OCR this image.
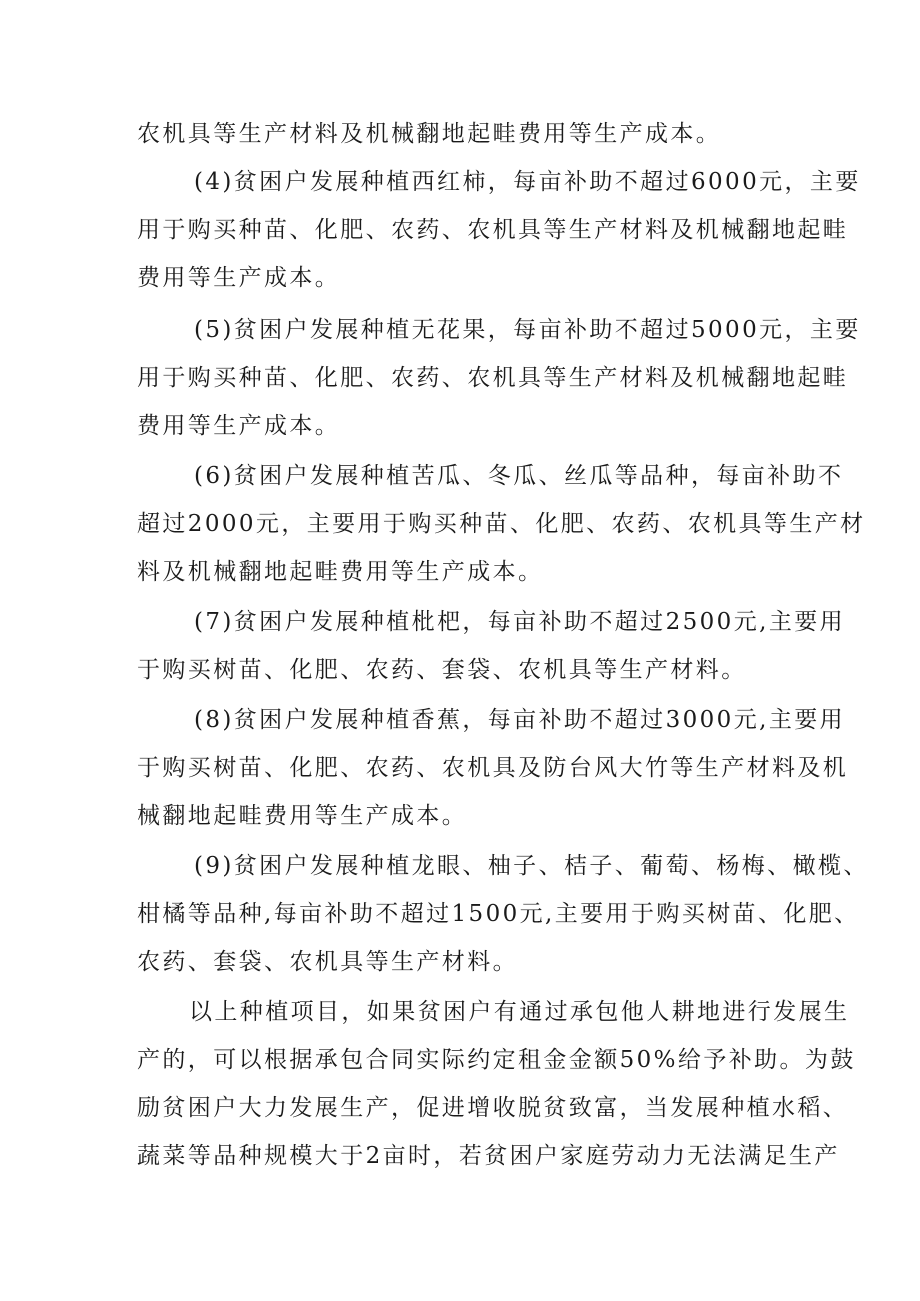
农机具等生产材料及机械翻地起畦费用等生产成本。
(4)贫困户发展种植西红柿，每亩补助不超过6000元，主要
用于购买种苗、化肥、农药、农机具等生产材料及机械翻地起畦
费用等生产成本。
(5)贫困户发展种植无花果，每亩补助不超过5000元，主要
用于购买种苗、化肥、农药、农机具等生产材料及机械翻地起畦
费用等生产成本。
(6)贫困户发展种植苦瓜、冬瓜、丝瓜等品种，每亩补助不
超过2000元，主要用于购买种苗、化肥、农药、农机具等生产材
料及机械翻地起畦费用等生产成本。
(7)贫困户发展种植枇杷，每亩补助不超过2500元,主要用
于购买树苗、化肥、农药、套袋、农机具等生产材料。
(8)贫困户发展种植香蕉，每亩补助不超过3000元,主要用
于购买树苗、化肥、农药、农机具及防台风大竹等生产材料及机
械翻地起畦费用等生产成本。
(9)贫困户发展种植龙眼、柚子、桔子、葡萄、杨梅、橄榄、
柑橘等品种,每亩补助不超过1500元,主要用于购买树苗、化肥、
农药、套袋、农机具等生产材料。
以上种植项目，如果贫困户有通过承包他人耕地进行发展生
产的，可以根据承包合同实际约定租金金额50%给予补助。为鼓
励贫困户大力发展生产，促进增收脱贫致富，当发展种植水稻、
蔬菜等品种规模大于2亩时，若贫困户家庭劳动力无法满足生产
